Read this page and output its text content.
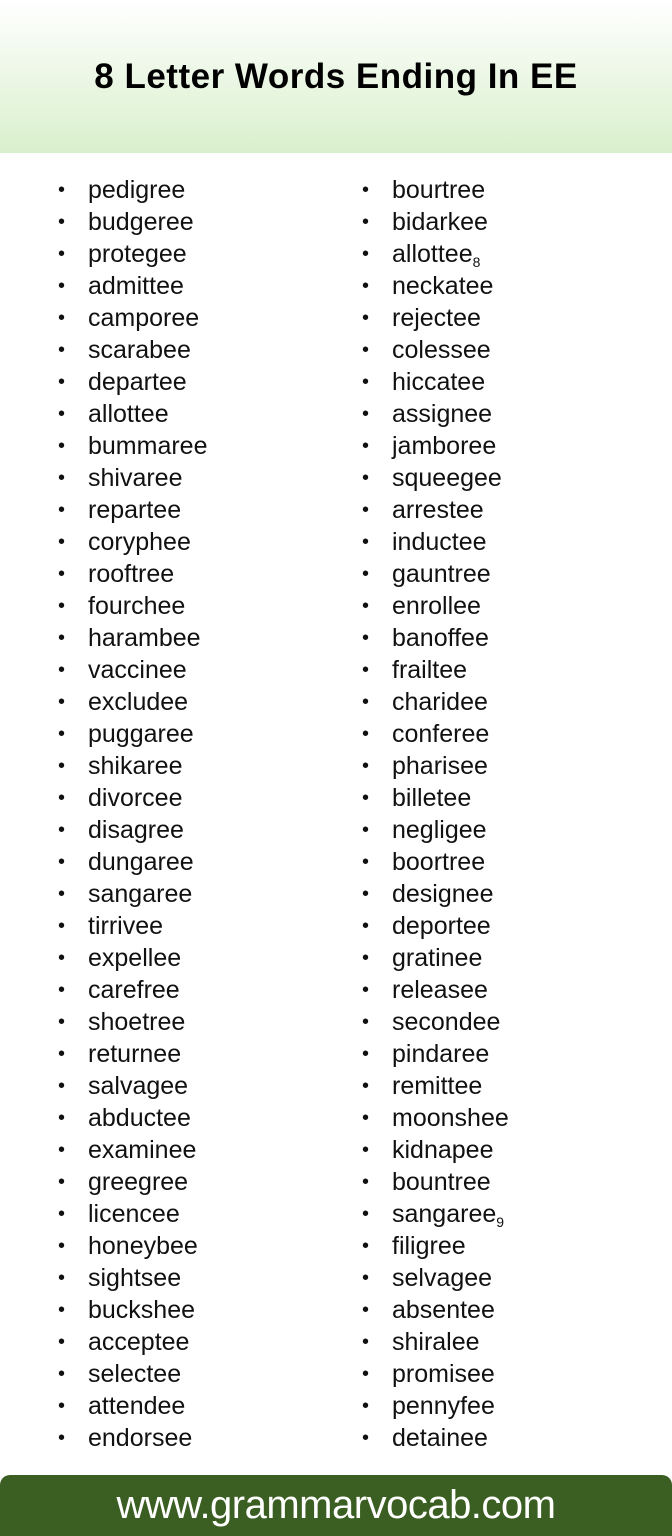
8 Letter Words Ending In EE
• pedigree
• budgeree
• protegee
• admittee
• camporee
• scarabee
• departee
• allottee
• bummaree
• shivaree
• repartee
• coryphee
• rooftree
• fourchee
• harambee
• vaccinee
• excludee
• puggaree
• shikaree
• divorcee
• disagree
• dungaree
• sangaree
• tirrivee
• expellee
• carefree
• shoetree
• returnee
• salvagee
• abductee
• examinee
• greegree
• licencee
• honeybee
• sightsee
• buckshee
• acceptee
• selectee
• attendee
• endorsee
• bourtree
• bidarkee
• allottee$_8$
• neckatee
• rejectee
• colessee
• hiccatee
• assignee
• jamboree
• squeegee
• arrestee
• inductee
• gauntree
• enrollee
• banoffee
• frailtee
• charidee
• conferee
• pharisee
• billetee
• negligee
• boortree
• designee
• deportee
• gratinee
• releasee
• secondee
• pindaree
• remittee
• moonshee
• kidnapee
• bountree
• sangaree$_9$
• filigree
• selvagee
• absentee
• shiralee
• promisee
• pennyfee
• detainee
www.grammarvocab.com
